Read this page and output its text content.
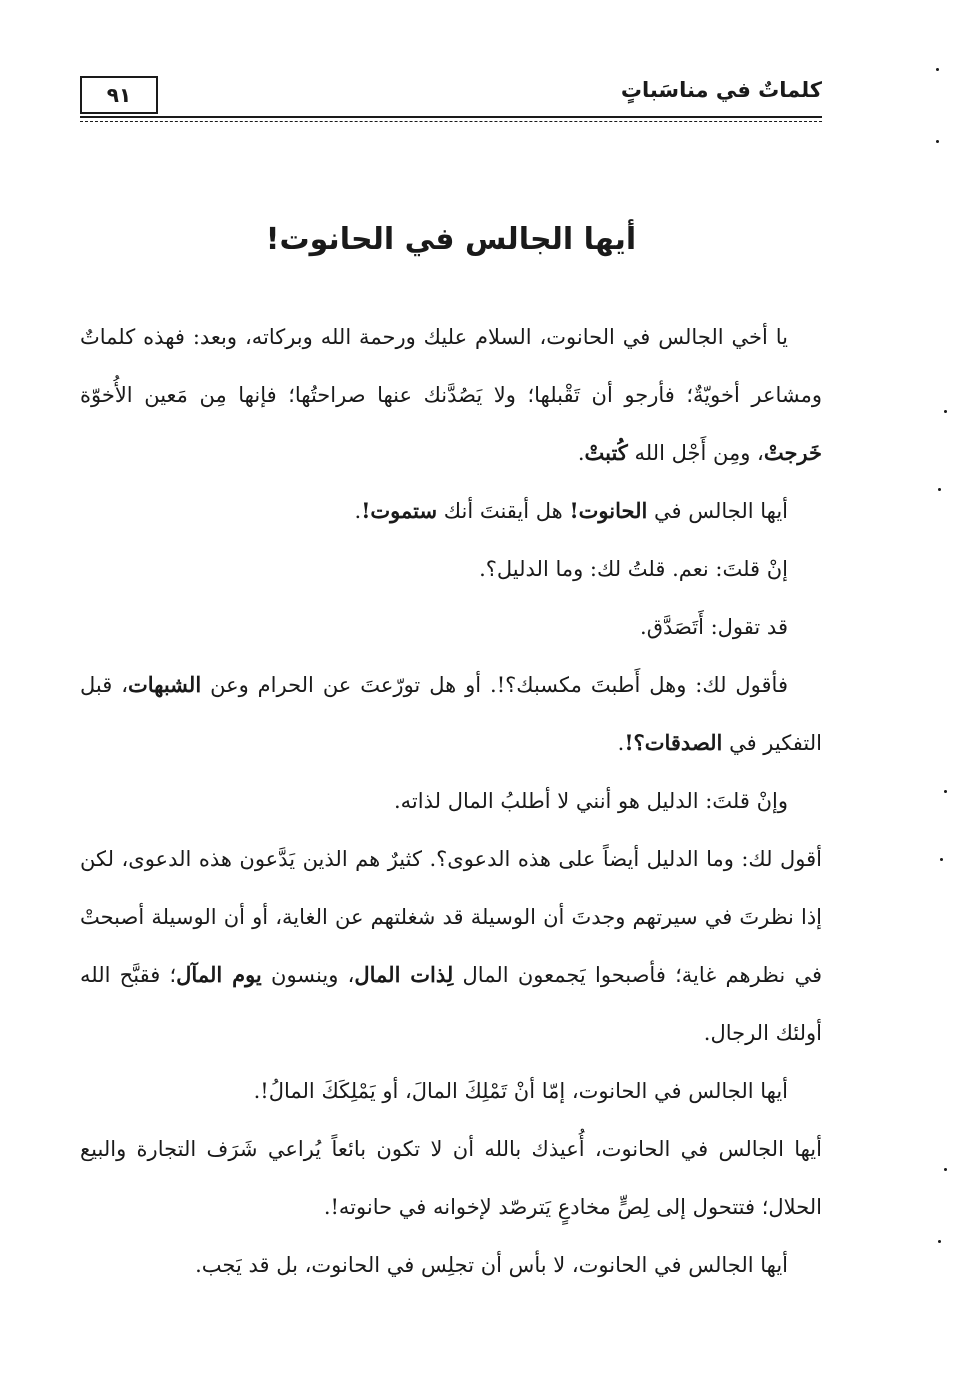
٩١	كلماتٌ في مناسَباتٍ
أيها الجالس في الحانوت!

يا أخي الجالس في الحانوت، السلام عليك ورحمة الله وبركاته، وبعد: فهذه كلماتٌ ومشاعر أخويّةٌ؛ فأرجو أن تَقْبلها؛ ولا يَصُدَّنك عنها صراحتُها؛ فإنها مِن مَعين الأُخوّة خَرجتْ، ومِن أَجْل الله كُتبتْ.

أيها الجالس في الحانوت! هل أيقنتَ أنك ستموت!.

إنْ قلتَ: نعم. قلتُ لك: وما الدليل؟.

قد تقول: أَتَصَدَّق.

فأقول لك: وهل أَطبتَ مكسبك؟!. أو هل تورّعتَ عن الحرام وعن الشبهات، قبل التفكير في الصدقات؟!.

وإنْ قلتَ: الدليل هو أنني لا أطلبُ المال لذاته.

أقول لك: وما الدليل أيضاً على هذه الدعوى؟. كثيرٌ هم الذين يَدَّعون هذه الدعوى، لكن إذا نظرتَ في سيرتهم وجدتَ أن الوسيلة قد شغلتهم عن الغاية، أو أن الوسيلة أصبحتْ في نظرهم غاية؛ فأصبحوا يَجمعون المال لِذات المال، وينسون يوم المآل؛ فقبَّح الله أولئك الرجال.

أيها الجالس في الحانوت، إمّا أنْ تَمْلِكَ المالَ، أو يَمْلِكَكَ المالُ!.

أيها الجالس في الحانوت، أُعيذك بالله أن لا تكون بائعاً يُراعي شَرَف التجارة والبيع الحلال؛ فتتحول إلى لِصٍّ مخادعٍ يَترصّد لإخوانه في حانوته!.

أيها الجالس في الحانوت، لا بأس أن تجلِس في الحانوت، بل قد يَجب.
